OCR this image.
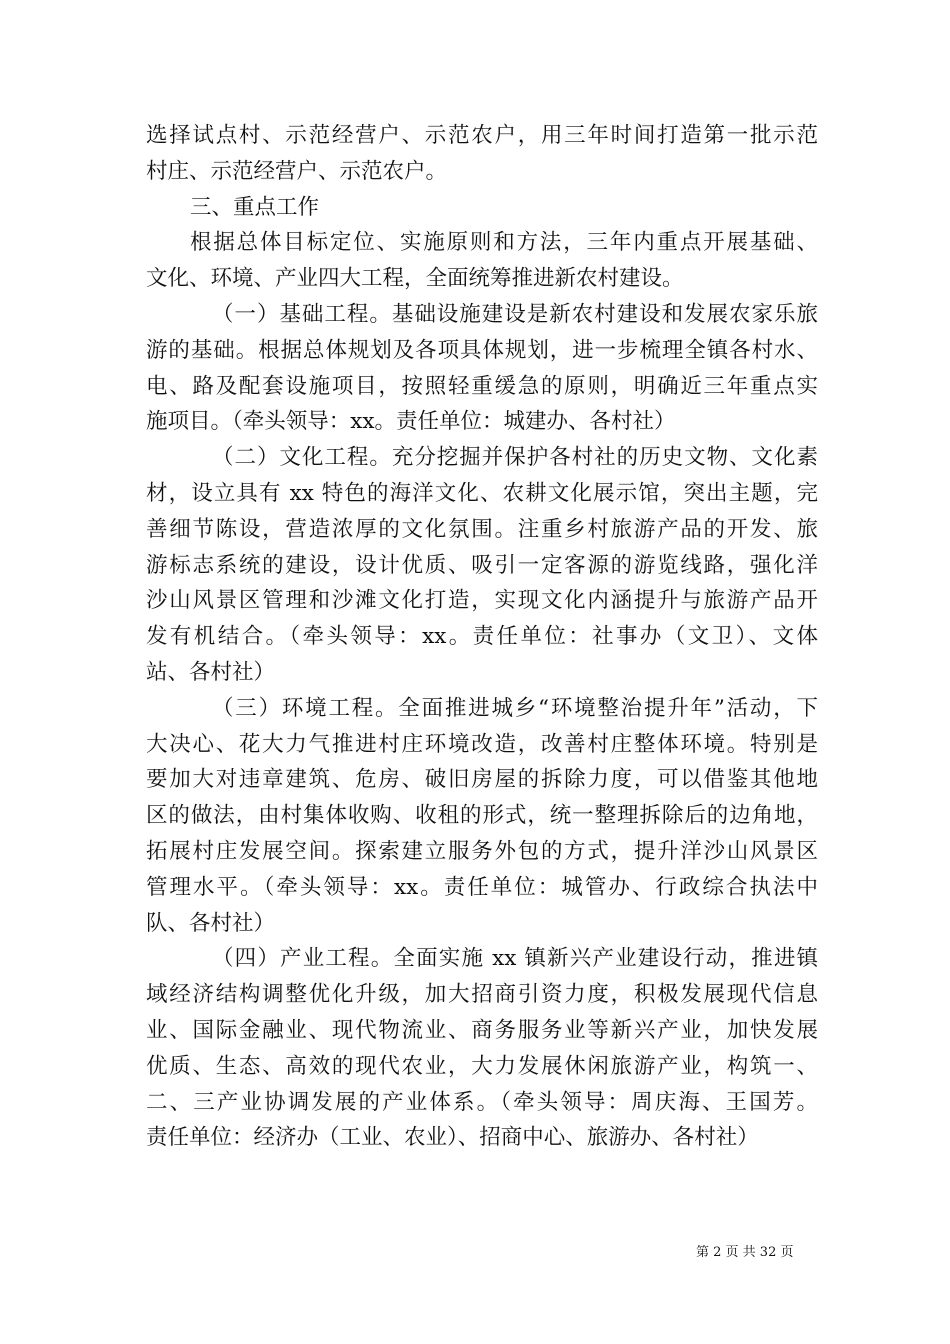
选择试点村、示范经营户、示范农户，用三年时间打造第一批示范
村庄、示范经营户、示范农户。
三、重点工作
根据总体目标定位、实施原则和方法，三年内重点开展基础、
文化、环境、产业四大工程，全面统筹推进新农村建设。
（一）基础工程。基础设施建设是新农村建设和发展农家乐旅
游的基础。根据总体规划及各项具体规划，进一步梳理全镇各村水、
电、路及配套设施项目，按照轻重缓急的原则，明确近三年重点实
施项目。（牵头领导：xx。责任单位：城建办、各村社）
（二）文化工程。充分挖掘并保护各村社的历史文物、文化素
材，设立具有 xx 特色的海洋文化、农耕文化展示馆，突出主题，完
善细节陈设，营造浓厚的文化氛围。注重乡村旅游产品的开发、旅
游标志系统的建设，设计优质、吸引一定客源的游览线路，强化洋
沙山风景区管理和沙滩文化打造，实现文化内涵提升与旅游产品开
发有机结合。（牵头领导：xx。责任单位：社事办（文卫）、文体
站、各村社）
（三）环境工程。全面推进城乡“环境整治提升年”活动，下
大决心、花大力气推进村庄环境改造，改善村庄整体环境。特别是
要加大对违章建筑、危房、破旧房屋的拆除力度，可以借鉴其他地
区的做法，由村集体收购、收租的形式，统一整理拆除后的边角地，
拓展村庄发展空间。探索建立服务外包的方式，提升洋沙山风景区
管理水平。（牵头领导：xx。责任单位：城管办、行政综合执法中
队、各村社）
（四）产业工程。全面实施 xx 镇新兴产业建设行动，推进镇
域经济结构调整优化升级，加大招商引资力度，积极发展现代信息
业、国际金融业、现代物流业、商务服务业等新兴产业，加快发展
优质、生态、高效的现代农业，大力发展休闲旅游产业，构筑一、
二、三产业协调发展的产业体系。（牵头领导：周庆海、王国芳。
责任单位：经济办（工业、农业）、招商中心、旅游办、各村社）
第 2 页 共 32 页
